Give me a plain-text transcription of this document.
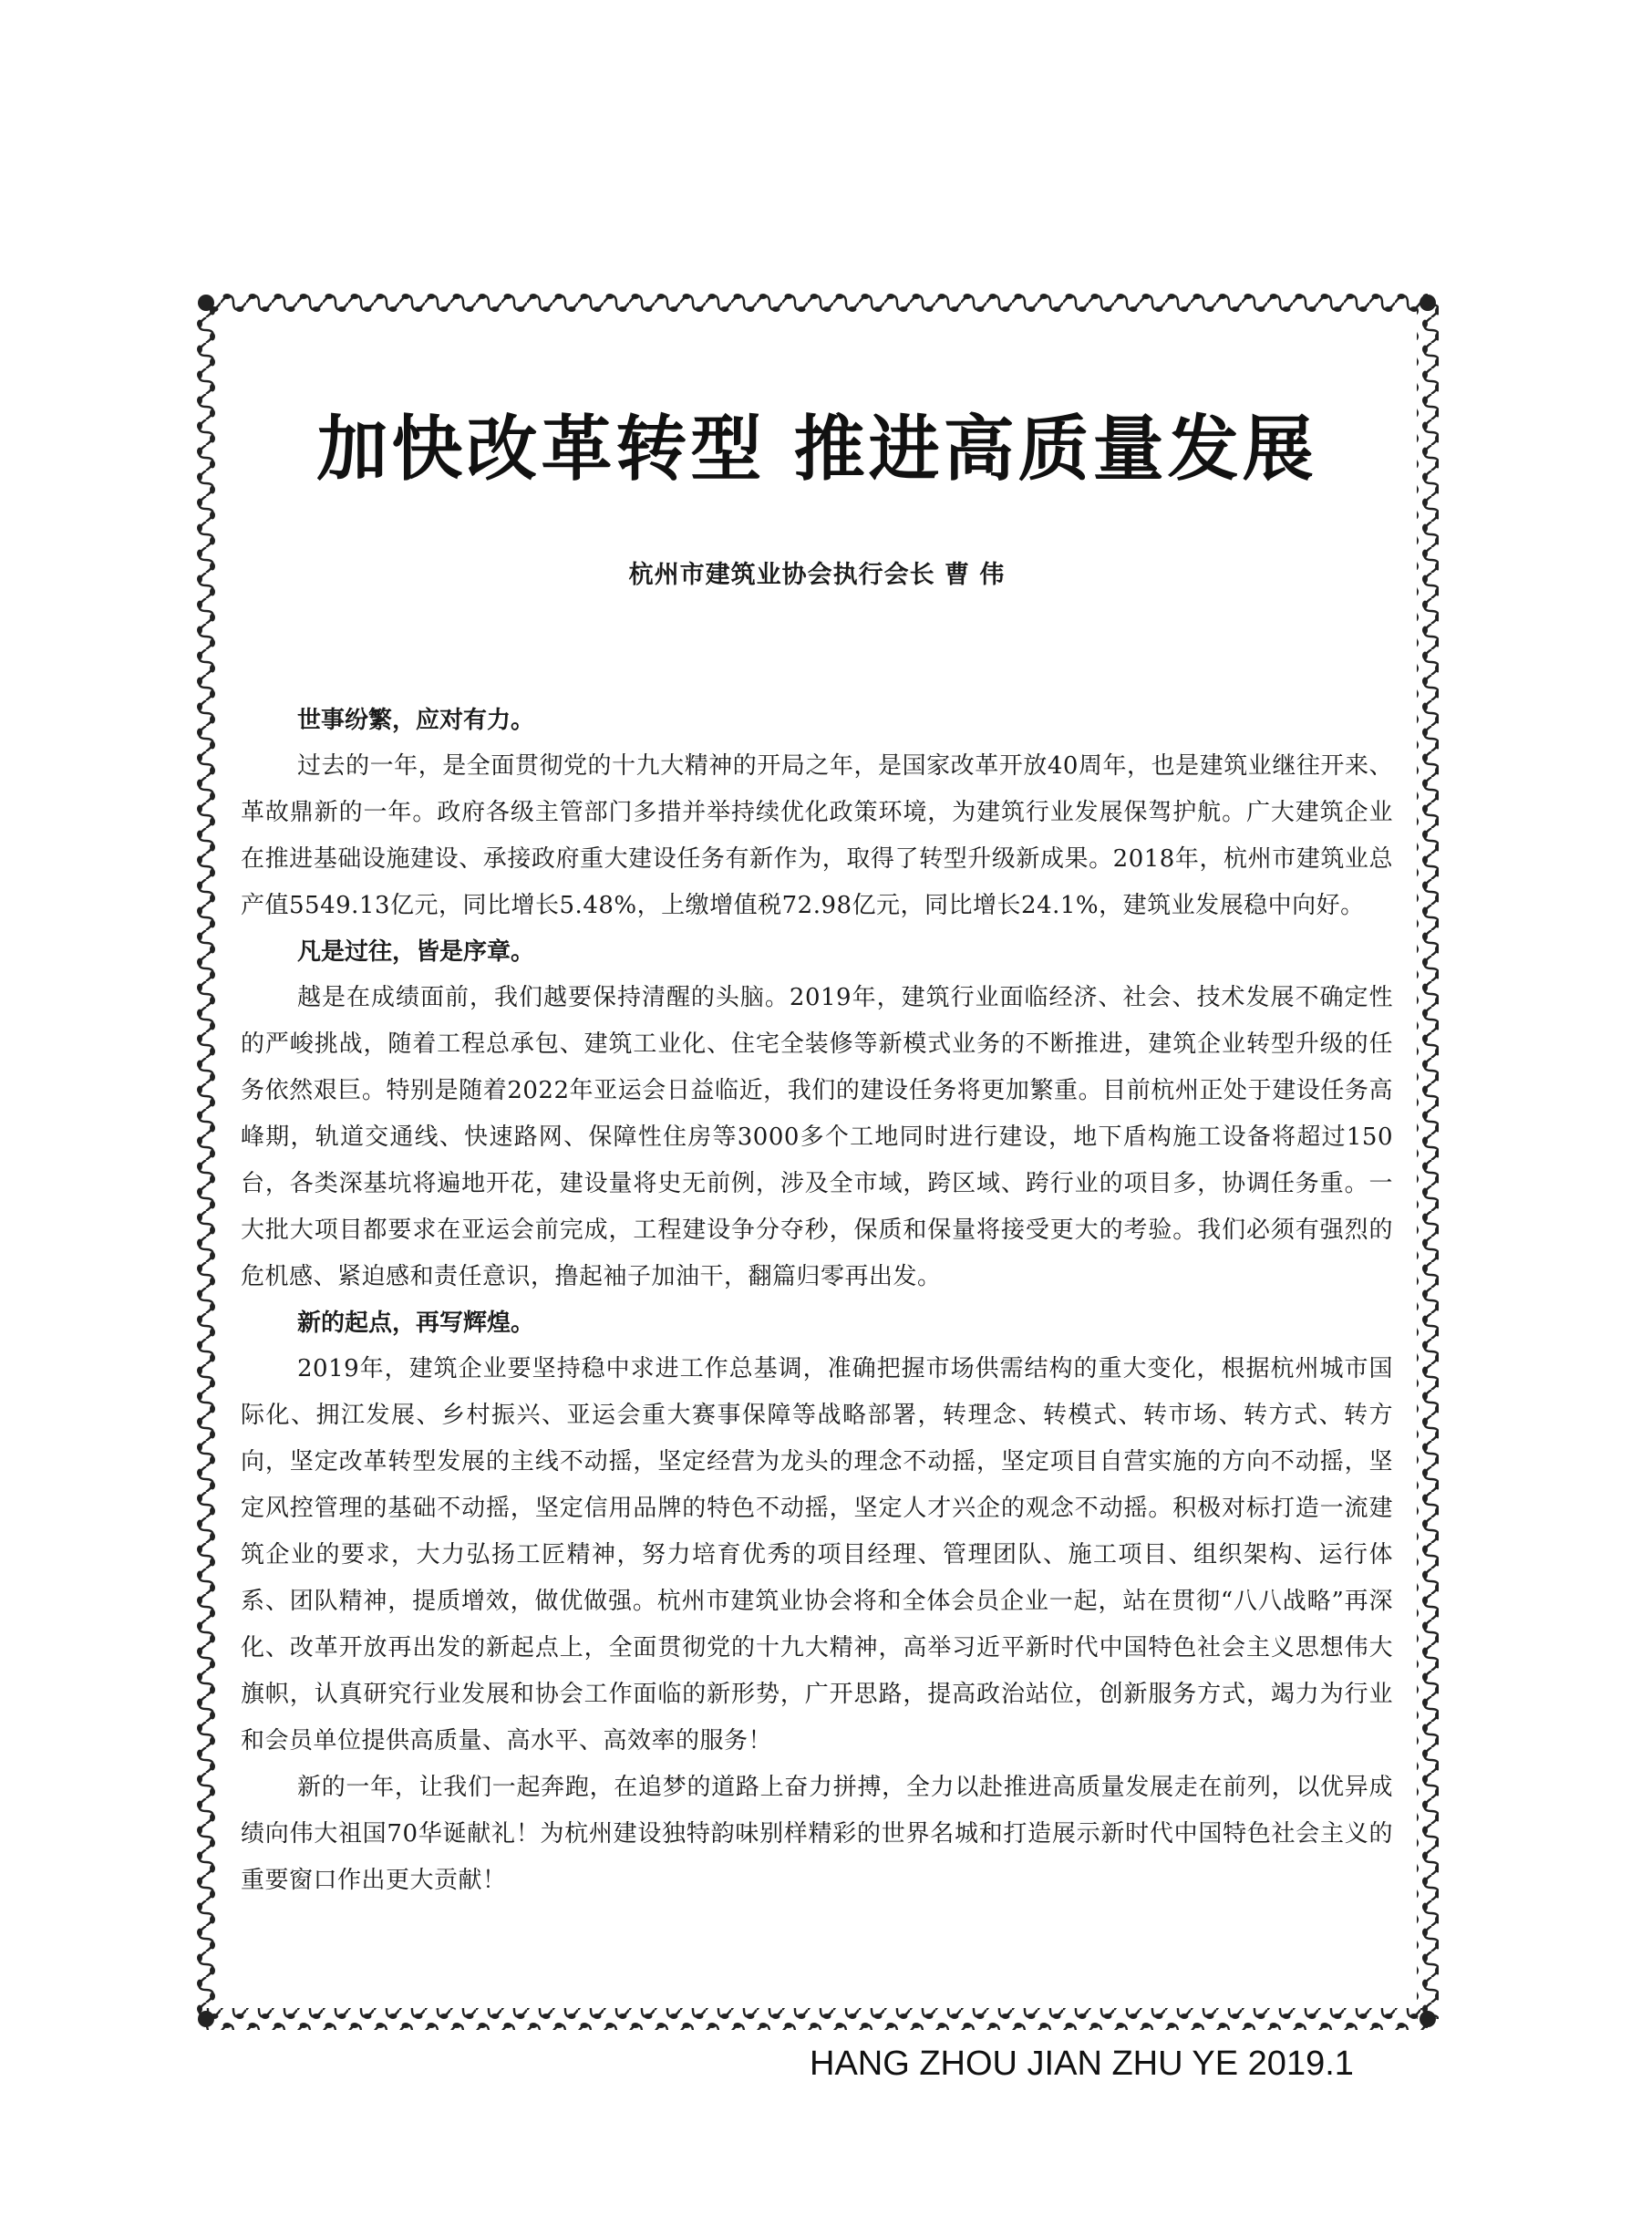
加快改革转型 推进高质量发展
杭州市建筑业协会执行会长 曹 伟

世事纷繁，应对有力。

过去的一年，是全面贯彻党的十九大精神的开局之年，是国家改革开放40周年，也是建筑业继往开来、革故鼎新的一年。政府各级主管部门多措并举持续优化政策环境，为建筑行业发展保驾护航。广大建筑企业在推进基础设施建设、承接政府重大建设任务有新作为，取得了转型升级新成果。2018年，杭州市建筑业总产值5549.13亿元，同比增长5.48%，上缴增值税72.98亿元，同比增长24.1%，建筑业发展稳中向好。

凡是过往，皆是序章。

越是在成绩面前，我们越要保持清醒的头脑。2019年，建筑行业面临经济、社会、技术发展不确定性的严峻挑战，随着工程总承包、建筑工业化、住宅全装修等新模式业务的不断推进，建筑企业转型升级的任务依然艰巨。特别是随着2022年亚运会日益临近，我们的建设任务将更加繁重。目前杭州正处于建设任务高峰期，轨道交通线、快速路网、保障性住房等3000多个工地同时进行建设，地下盾构施工设备将超过150台，各类深基坑将遍地开花，建设量将史无前例，涉及全市域，跨区域、跨行业的项目多，协调任务重。一大批大项目都要求在亚运会前完成，工程建设争分夺秒，保质和保量将接受更大的考验。我们必须有强烈的危机感、紧迫感和责任意识，撸起袖子加油干，翻篇归零再出发。

新的起点，再写辉煌。

2019年，建筑企业要坚持稳中求进工作总基调，准确把握市场供需结构的重大变化，根据杭州城市国际化、拥江发展、乡村振兴、亚运会重大赛事保障等战略部署，转理念、转模式、转市场、转方式、转方向，坚定改革转型发展的主线不动摇，坚定经营为龙头的理念不动摇，坚定项目自营实施的方向不动摇，坚定风控管理的基础不动摇，坚定信用品牌的特色不动摇，坚定人才兴企的观念不动摇。积极对标打造一流建筑企业的要求，大力弘扬工匠精神，努力培育优秀的项目经理、管理团队、施工项目、组织架构、运行体系、团队精神，提质增效，做优做强。杭州市建筑业协会将和全体会员企业一起，站在贯彻“八八战略”再深化、改革开放再出发的新起点上，全面贯彻党的十九大精神，高举习近平新时代中国特色社会主义思想伟大旗帜，认真研究行业发展和协会工作面临的新形势，广开思路，提高政治站位，创新服务方式，竭力为行业和会员单位提供高质量、高水平、高效率的服务！

新的一年，让我们一起奔跑，在追梦的道路上奋力拼搏，全力以赴推进高质量发展走在前列，以优异成绩向伟大祖国70华诞献礼！为杭州建设独特韵味别样精彩的世界名城和打造展示新时代中国特色社会主义的重要窗口作出更大贡献！

HANG ZHOU JIAN ZHU YE 2019.1
